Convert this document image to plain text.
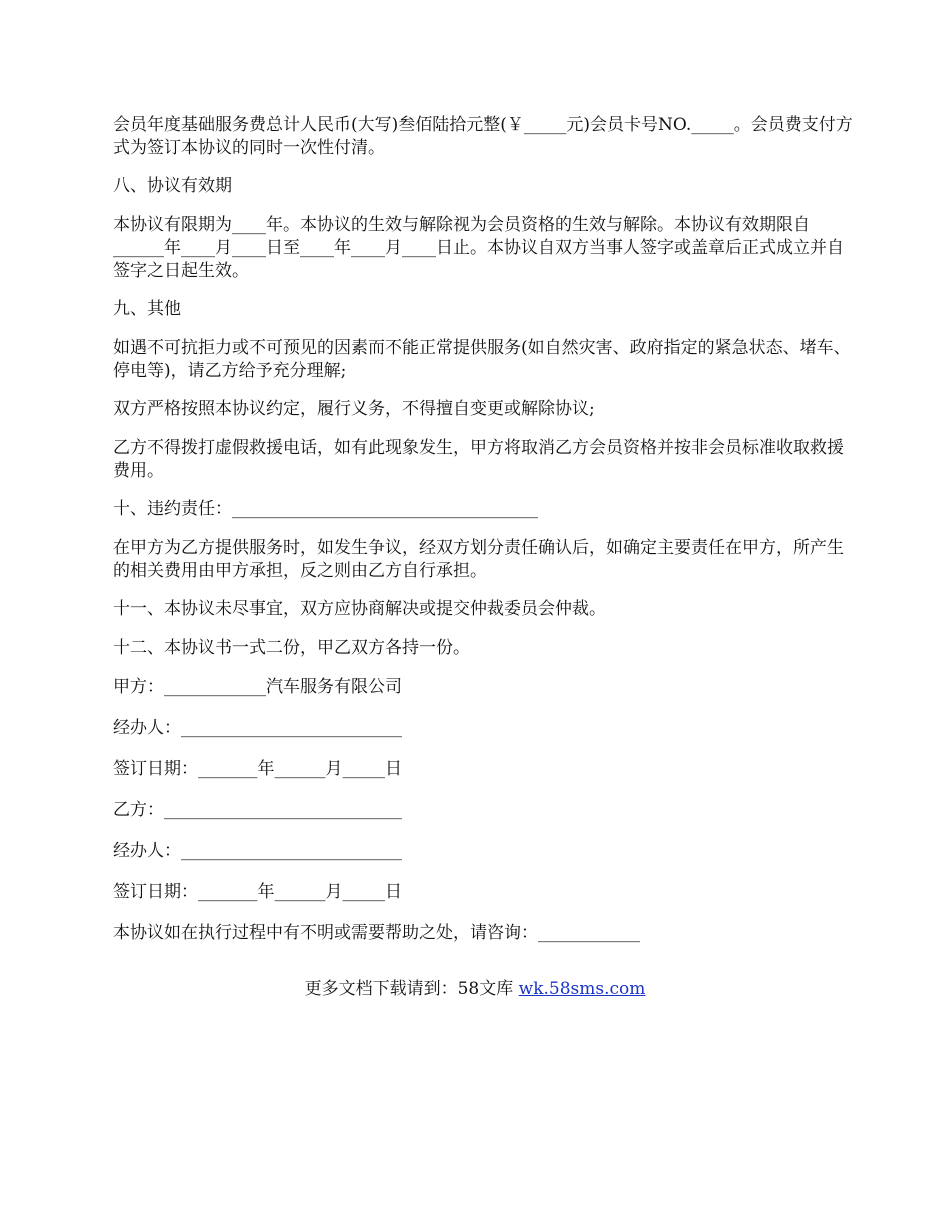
会员年度基础服务费总计人民币(大写)叁佰陆拾元整(￥_____元)会员卡号NO._____。会员费支付方式为签订本协议的同时一次性付清。

八、协议有效期

本协议有限期为____年。本协议的生效与解除视为会员资格的生效与解除。本协议有效期限自______年____月____日至____年____月____日止。本协议自双方当事人签字或盖章后正式成立并自签字之日起生效。

九、其他

如遇不可抗拒力或不可预见的因素而不能正常提供服务(如自然灾害、政府指定的紧急状态、堵车、停电等)，请乙方给予充分理解;

双方严格按照本协议约定，履行义务，不得擅自变更或解除协议;

乙方不得拨打虚假救援电话，如有此现象发生，甲方将取消乙方会员资格并按非会员标准收取救援费用。

十、违约责任：____________________________________

在甲方为乙方提供服务时，如发生争议，经双方划分责任确认后，如确定主要责任在甲方，所产生的相关费用由甲方承担，反之则由乙方自行承担。

十一、本协议未尽事宜，双方应协商解决或提交仲裁委员会仲裁。

十二、本协议书一式二份，甲乙双方各持一份。

甲方：____________汽车服务有限公司
经办人：__________________________
签订日期：_______年______月_____日
乙方：____________________________
经办人：__________________________
签订日期：_______年______月_____日
本协议如在执行过程中有不明或需要帮助之处，请咨询：____________
更多文档下载请到：58文库 wk.58sms.com
